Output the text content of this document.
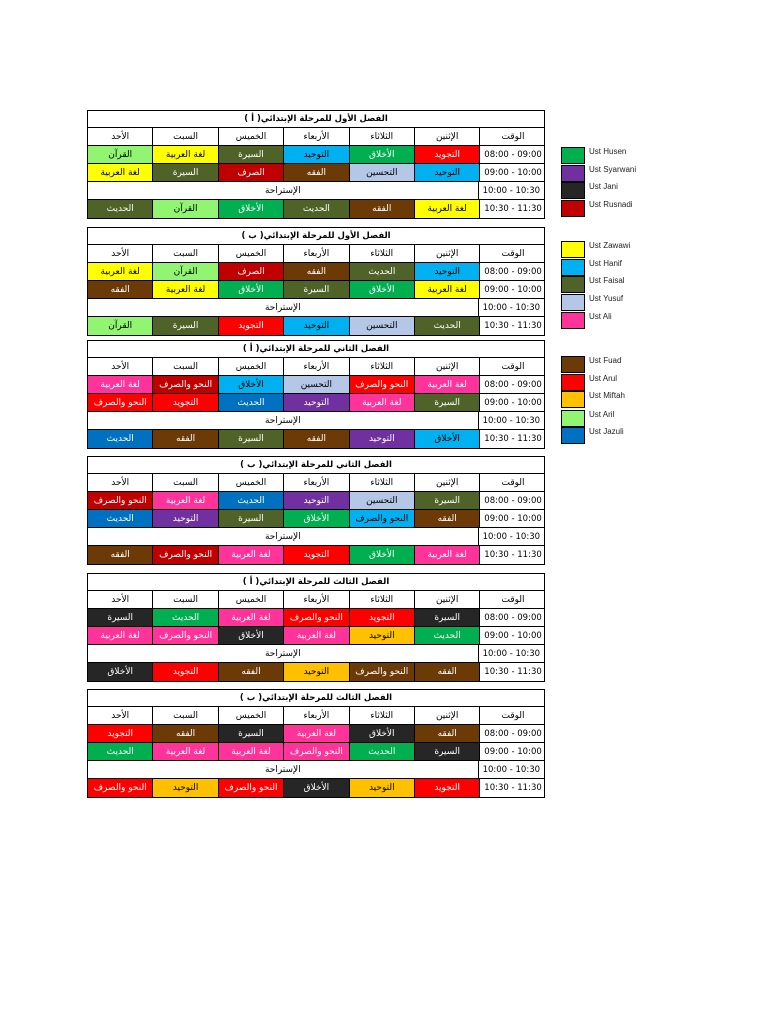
الفصل الأول للمرحلة الإبتدائي( أ )
الأحد	السبت	الخميس	الأربعاء	الثلاثاء	الإثنين	الوقت
القرآن	لغة العربية	السيرة	التوحيد	الأخلاق	التجويد	08:00 - 09:00
لغة العربية	السيرة	الصرف	الفقه	التحسين	التوحيد	09:00 - 10:00
الإستراحة	10:00 - 10:30
الحديث	القرآن	الأخلاق	الحديث	الفقه	لغة العربية	10:30 - 11:30
الفصل الأول للمرحلة الإبتدائي( ب )
الأحد	السبت	الخميس	الأربعاء	الثلاثاء	الإثنين	الوقت
لغة العربية	القرآن	الصرف	الفقه	الحديث	التوحيد	08:00 - 09:00
الفقه	لغة العربية	الأخلاق	السيرة	الأخلاق	لغة العربية	09:00 - 10:00
الإستراحة	10:00 - 10:30
القرآن	السيرة	التجويد	التوحيد	التحسين	الحديث	10:30 - 11:30
الفصل الثاني للمرحلة الإبتدائي( أ )
الأحد	السبت	الخميس	الأربعاء	الثلاثاء	الإثنين	الوقت
لغة العربية	النحو والصرف	الأخلاق	التحسين	النحو والصرف	لغة العربية	08:00 - 09:00
النحو والصرف	التجويد	الحديث	التوحيد	لغة العربية	السيرة	09:00 - 10:00
الإستراحة	10:00 - 10:30
الحديث	الفقه	السيرة	الفقه	التوحيد	الأخلاق	10:30 - 11:30
الفصل الثاني للمرحلة الإبتدائي( ب )
الأحد	السبت	الخميس	الأربعاء	الثلاثاء	الإثنين	الوقت
النحو والصرف	لغة العربية	الحديث	التوحيد	التحسين	السيرة	08:00 - 09:00
الحديث	التوحيد	السيرة	الأخلاق	النحو والصرف	الفقه	09:00 - 10:00
الإستراحة	10:00 - 10:30
الفقه	النحو والصرف	لغة العربية	التجويد	الأخلاق	لغة العربية	10:30 - 11:30
الفصل الثالث للمرحلة الإبتدائي( أ )
الأحد	السبت	الخميس	الأربعاء	الثلاثاء	الإثنين	الوقت
السيرة	الحديث	لغة العربية	النحو والصرف	التجويد	السيرة	08:00 - 09:00
لغة العربية	النحو والصرف	الأخلاق	لغة العربية	التوحيد	الحديث	09:00 - 10:00
الإستراحة	10:00 - 10:30
الأخلاق	التجويد	الفقه	التوحيد	النحو والصرف	الفقه	10:30 - 11:30
الفصل الثالث للمرحلة الإبتدائي( ب )
الأحد	السبت	الخميس	الأربعاء	الثلاثاء	الإثنين	الوقت
التجويد	الفقه	السيرة	لغة العربية	الأخلاق	الفقه	08:00 - 09:00
الحديث	لغة العربية	لغة العربية	النحو والصرف	الحديث	السيرة	09:00 - 10:00
الإستراحة	10:00 - 10:30
النحو والصرف	التوحيد	النحو والصرف	الأخلاق	التوحيد	التجويد	10:30 - 11:30
Ust Husen
Ust Syarwani
Ust Jani
Ust Rusnadi
Ust Zawawi
Ust Hanif
Ust Faisal
Ust Yusuf
Ust Ali
Ust Fuad
Ust Arul
Ust Miftah
Ust Aril
Ust Jazuli
